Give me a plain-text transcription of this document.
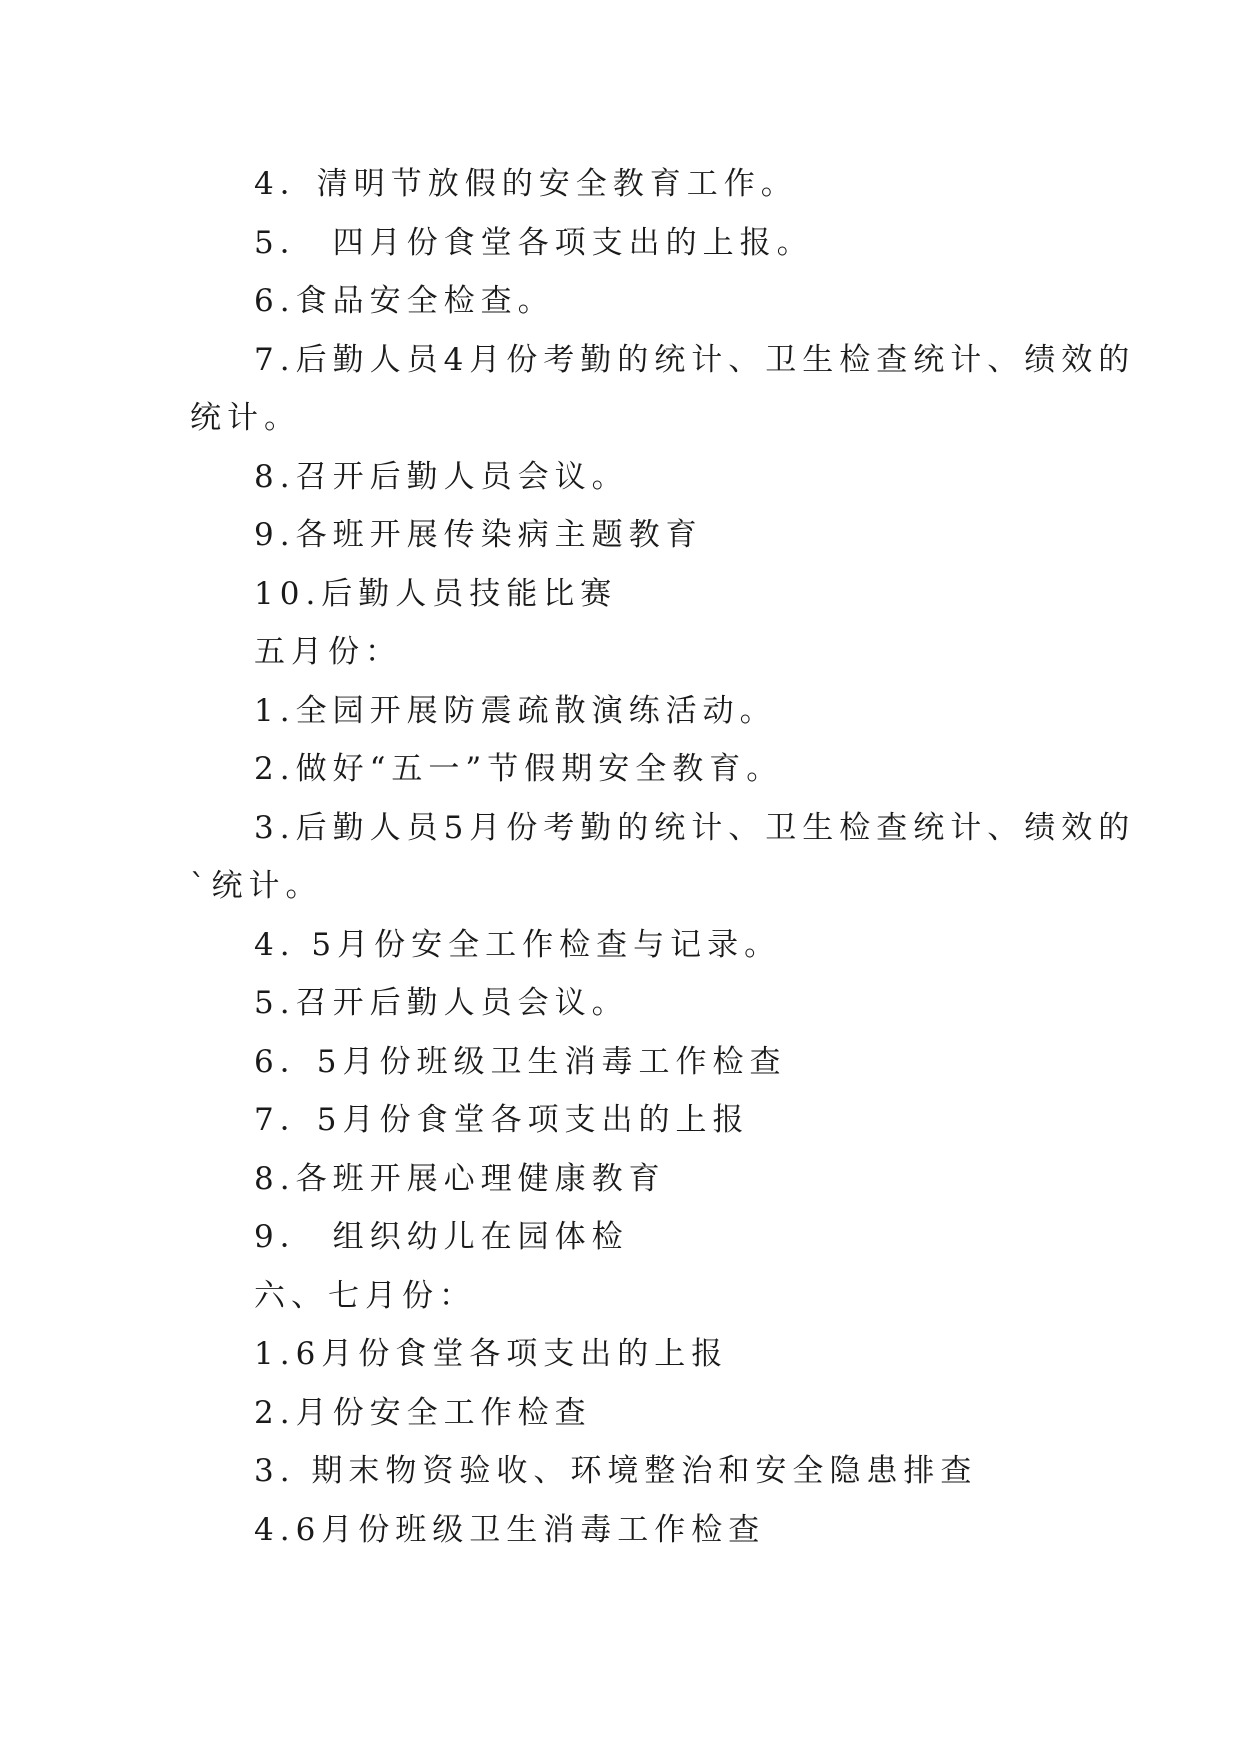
4．清明节放假的安全教育工作。

5． 四月份食堂各项支出的上报。

6.食品安全检查。

7.后勤人员4月份考勤的统计、卫生检查统计、绩效的

统计。

8.召开后勤人员会议。

9.各班开展传染病主题教育

10.后勤人员技能比赛

五月份：

1.全园开展防震疏散演练活动。

2.做好“五一”节假期安全教育。

3.后勤人员5月份考勤的统计、卫生检查统计、绩效的

`统计。

4. 5月份安全工作检查与记录。

5.召开后勤人员会议。

6．5月份班级卫生消毒工作检查

7．5月份食堂各项支出的上报

8.各班开展心理健康教育

9． 组织幼儿在园体检

六、七月份：

1.6月份食堂各项支出的上报

2.月份安全工作检查

3. 期末物资验收、环境整治和安全隐患排查

4.6月份班级卫生消毒工作检查
